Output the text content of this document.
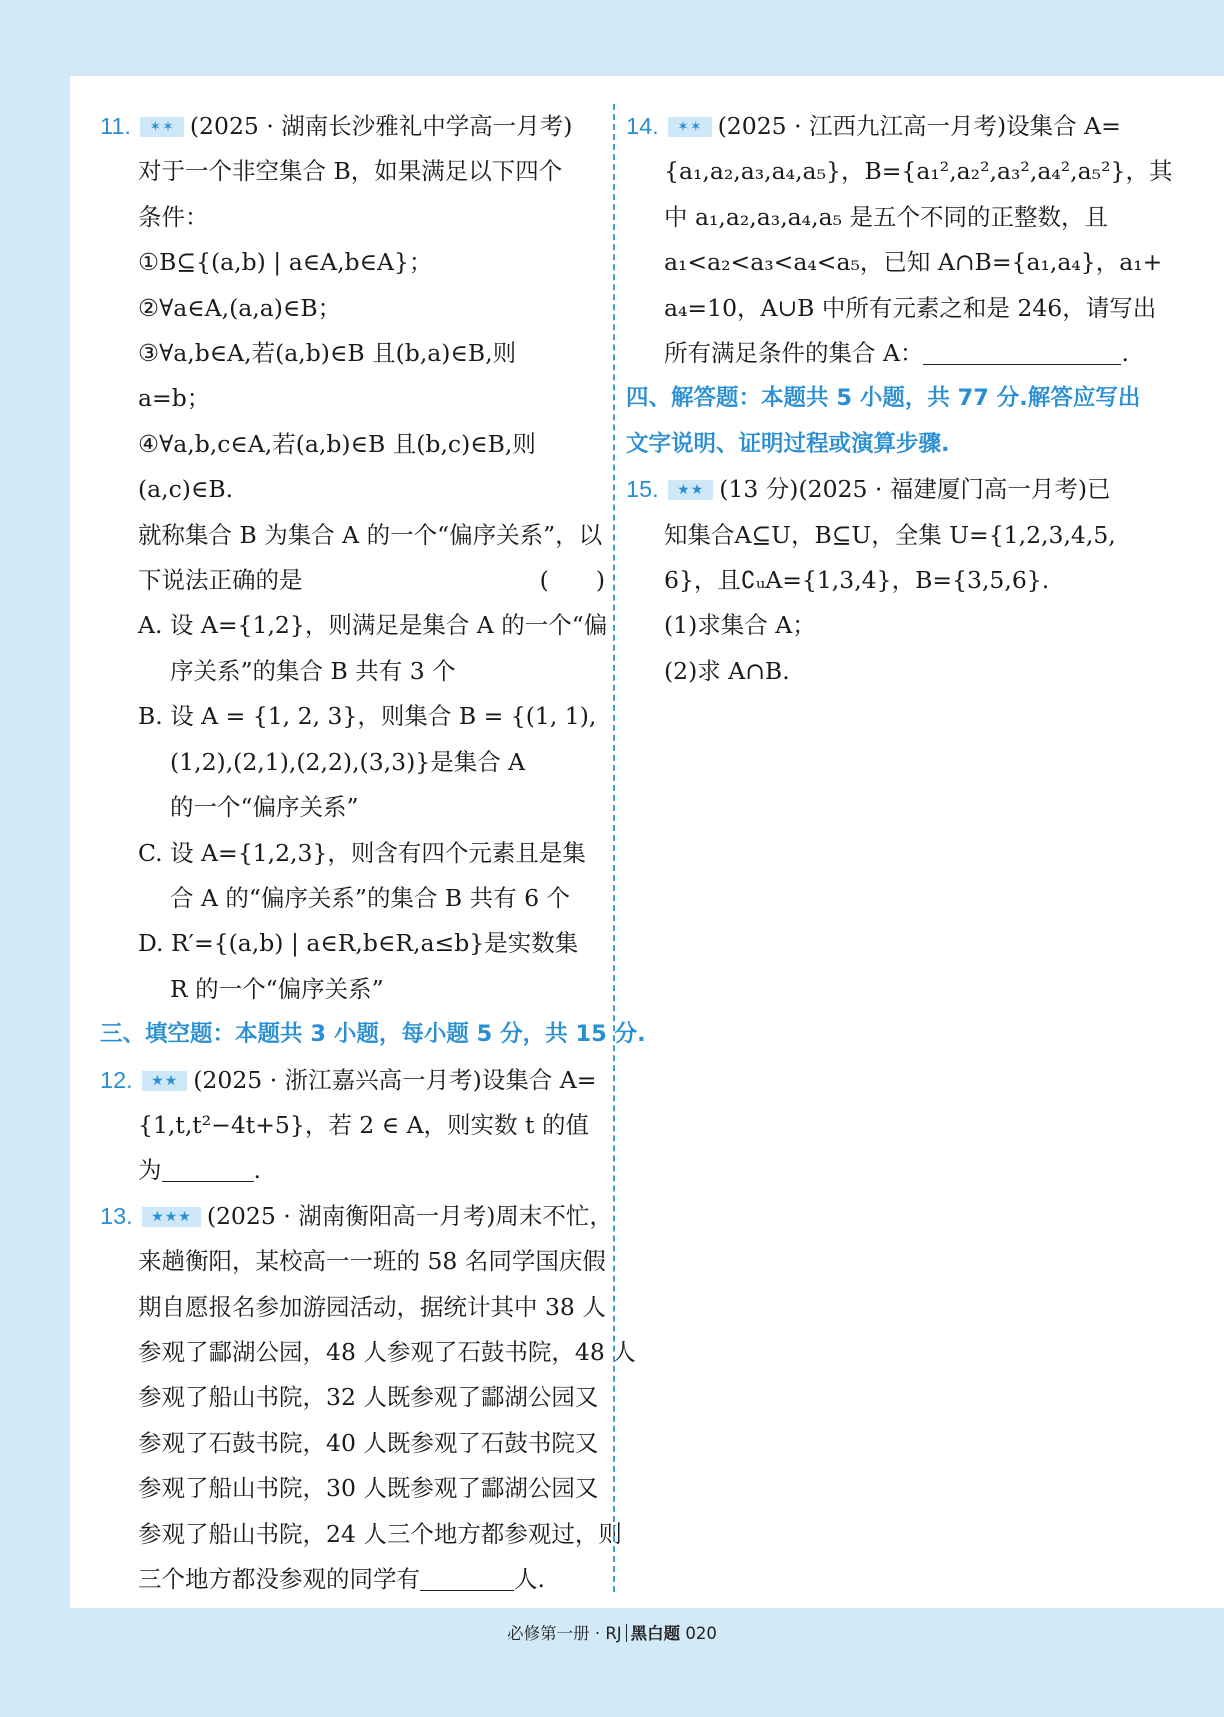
11. ✶✶ (2025 · 湖南长沙雅礼中学高一月考)
对于一个非空集合 B，如果满足以下四个
条件：
①B⊆{(a,b) | a∈A,b∈A}；
②∀a∈A,(a,a)∈B；
③∀a,b∈A,若(a,b)∈B 且(b,a)∈B,则
a=b；
④∀a,b,c∈A,若(a,b)∈B 且(b,c)∈B,则
(a,c)∈B.
就称集合 B 为集合 A 的一个“偏序关系”，以
下说法正确的是	(　　)
A. 设 A={1,2}，则满足是集合 A 的一个“偏
序关系”的集合 B 共有 3 个
B. 设 A = {1, 2, 3}，则集合 B = {(1, 1),
(1,2),(2,1),(2,2),(3,3)}是集合 A
的一个“偏序关系”
C. 设 A={1,2,3}，则含有四个元素且是集
合 A 的“偏序关系”的集合 B 共有 6 个
D. R′={(a,b) | a∈R,b∈R,a≤b}是实数集
R 的一个“偏序关系”
三、填空题：本题共 3 小题，每小题 5 分，共 15 分.
12. ★★ (2025 · 浙江嘉兴高一月考)设集合 A=
{1,t,t²−4t+5}，若 2 ∈ A，则实数 t 的值
为	.
13. ★★★ (2025 · 湖南衡阳高一月考)周末不忙，
来趟衡阳，某校高一一班的 58 名同学国庆假
期自愿报名参加游园活动，据统计其中 38 人
参观了酃湖公园，48 人参观了石鼓书院，48 人
参观了船山书院，32 人既参观了酃湖公园又
参观了石鼓书院，40 人既参观了石鼓书院又
参观了船山书院，30 人既参观了酃湖公园又
参观了船山书院，24 人三个地方都参观过，则
三个地方都没参观的同学有	人.
14. ✶✶ (2025 · 江西九江高一月考)设集合 A=
{a₁,a₂,a₃,a₄,a₅}，B={a₁²,a₂²,a₃²,a₄²,a₅²}，其
中 a₁,a₂,a₃,a₄,a₅ 是五个不同的正整数，且
a₁<a₂<a₃<a₄<a₅，已知 A∩B={a₁,a₄}，a₁+
a₄=10，A∪B 中所有元素之和是 246，请写出
所有满足条件的集合 A：	.
四、解答题：本题共 5 小题，共 77 分.解答应写出
文字说明、证明过程或演算步骤.
15. ★★ (13 分)(2025 · 福建厦门高一月考)已
知集合A⊆U，B⊆U，全集 U={1,2,3,4,5,
6}，且∁ᵤA={1,3,4}，B={3,5,6}.
(1)求集合 A；
(2)求 A∩B.
必修第一册 · RJ 黑白题 020
